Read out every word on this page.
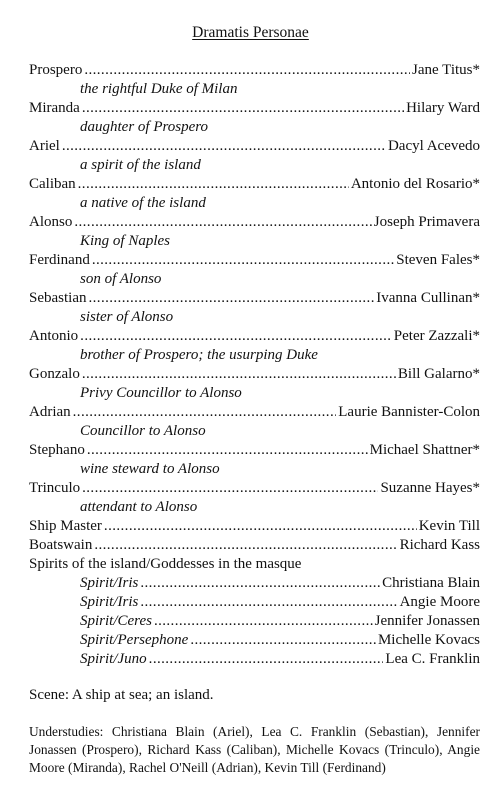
Dramatis Personae
Prospero .....	Jane Titus*
the rightful Duke of Milan
Miranda .....	Hilary Ward
daughter of Prospero
Ariel .....	Dacyl Acevedo
a spirit of the island
Caliban .....	Antonio del Rosario*
a native of the island
Alonso .....	Joseph Primavera
King of Naples
Ferdinand .....	Steven Fales*
son of Alonso
Sebastian .....	Ivanna Cullinan*
sister of Alonso
Antonio .....	Peter Zazzali*
brother of Prospero; the usurping Duke
Gonzalo .....	Bill Galarno*
Privy Councillor to Alonso
Adrian .....	Laurie Bannister-Colon
Councillor to Alonso
Stephano .....	Michael Shattner*
wine steward to Alonso
Trinculo .....	Suzanne Hayes*
attendant to Alonso
Ship Master .....	Kevin Till
Boatswain .....	Richard Kass
Spirits of the island/Goddesses in the masque
Spirit/Iris .....	Christiana Blain
Spirit/Iris .....	Angie Moore
Spirit/Ceres .....	Jennifer Jonassen
Spirit/Persephone .....	Michelle Kovacs
Spirit/Juno .....	Lea C. Franklin
Scene: A ship at sea; an island.
Understudies: Christiana Blain (Ariel), Lea C. Franklin (Sebastian), Jennifer Jonassen (Prospero), Richard Kass (Caliban), Michelle Kovacs (Trinculo), Angie Moore (Miranda), Rachel O'Neill (Adrian), Kevin Till (Ferdinand)
